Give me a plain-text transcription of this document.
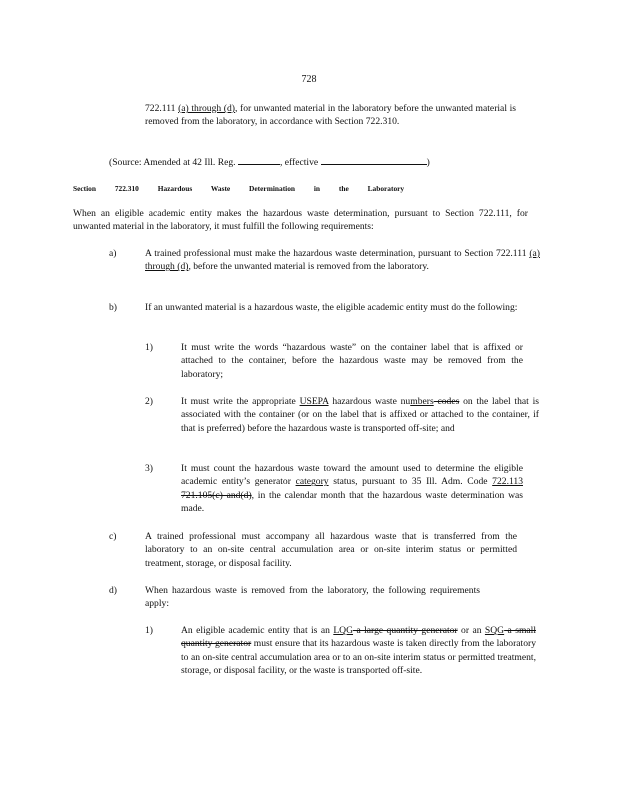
728
722.111 (a) through (d), for unwanted material in the laboratory before the unwanted material is removed from the laboratory, in accordance with Section 722.310.
(Source: Amended at 42 Ill. Reg.	, effective	)
Section 722.310 Hazardous Waste Determination in the Laboratory
When an eligible academic entity makes the hazardous waste determination, pursuant to Section 722.111, for unwanted material in the laboratory, it must fulfill the following requirements:
a)	A trained professional must make the hazardous waste determination, pursuant to Section 722.111 (a) through (d), before the unwanted material is removed from the laboratory.
b)	If an unwanted material is a hazardous waste, the eligible academic entity must do the following:
1)	It must write the words “hazardous waste” on the container label that is affixed or attached to the container, before the hazardous waste may be removed from the laboratory;
2)	It must write the appropriate USEPA hazardous waste numbers codes on the label that is associated with the container (or on the label that is affixed or attached to the container, if that is preferred) before the hazardous waste is transported off-site; and
3)	It must count the hazardous waste toward the amount used to determine the eligible academic entity’s generator category status, pursuant to 35 Ill. Adm. Code 722.113 721.105(c) and(d), in the calendar month that the hazardous waste determination was made.
c)	A trained professional must accompany all hazardous waste that is transferred from the laboratory to an on-site central accumulation area or on-site interim status or permitted treatment, storage, or disposal facility.
d)	When hazardous waste is removed from the laboratory, the following requirements apply:
1)	An eligible academic entity that is an LQG a large quantity generator or an SQG a small quantity generator must ensure that its hazardous waste is taken directly from the laboratory to an on-site central accumulation area or to an on-site interim status or permitted treatment, storage, or disposal facility, or the waste is transported off-site.
